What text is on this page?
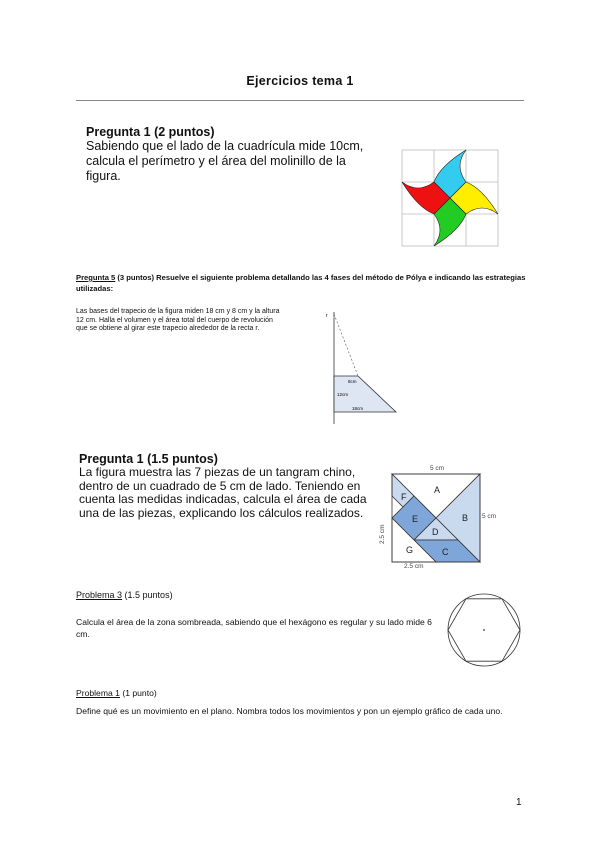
Ejercicios tema 1
Pregunta 1 (2 puntos)
Sabiendo que el lado de la cuadrícula mide 10cm, calcula el perímetro y el área del molinillo de la figura.
Pregunta 5 (3 puntos) Resuelve el siguiente problema detallando las 4 fases del método de Pólya e indicando las estrategias utilizadas:
Las bases del trapecio de la figura miden 18 cm y 8 cm y la altura 12 cm. Halla el volumen y el área total del cuerpo de revolución que se obtiene al girar este trapecio alrededor de la recta r.
r
8cm
12cm
18cm
Pregunta 1 (1.5 puntos)
La figura muestra las 7 piezas de un tangram chino, dentro de un cuadrado de 5 cm de lado. Teniendo en cuenta las medidas indicadas, calcula el área de cada una de las piezas, explicando los cálculos realizados.
5 cm
5 cm
2.5 cm
2.5 cm
A
B
C
D
E
F
G
Problema 3 (1.5 puntos)
Calcula el área de la zona sombreada, sabiendo que el hexágono es regular y su lado mide 6 cm.
Problema 1 (1 punto)
Define qué es un movimiento en el plano. Nombra todos los movimientos y pon un ejemplo gráfico de cada uno.
1
